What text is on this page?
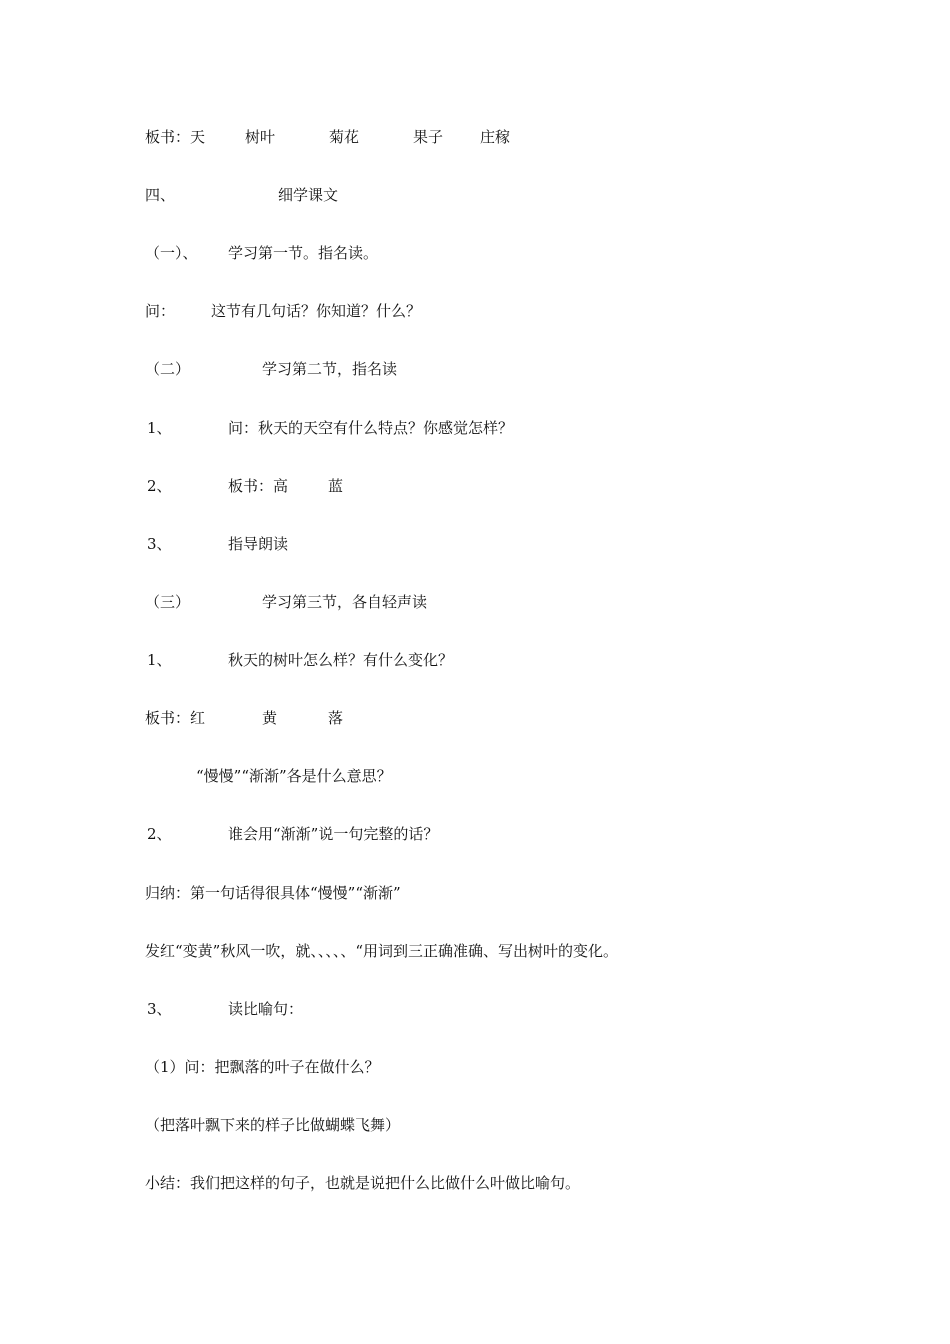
板书：天	树叶	菊花	果子 庄稼
四、	细学课文
（一）、 学习第一节。指名读。
问： 这节有几句话？你知道？什么？
（二）	学习第二节，指名读
1、	问：秋天的天空有什么特点？你感觉怎样？
2、	板书：高	蓝
3、	指导朗读
（三）	学习第三节，各自轻声读
1、	秋天的树叶怎么样？有什么变化？
板书：红	黄	落
“慢慢”“渐渐”各是什么意思？
2、	谁会用“渐渐”说一句完整的话？
归纳：第一句话得很具体“慢慢”“渐渐”
发红“变黄”秋风一吹，就、、、、、“用词到三正确准确、写出树叶的变化。
3、	读比喻句：
（1）问：把飘落的叶子在做什么？
（把落叶飘下来的样子比做蝴蝶飞舞）
小结：我们把这样的句子，也就是说把什么比做什么叶做比喻句。
